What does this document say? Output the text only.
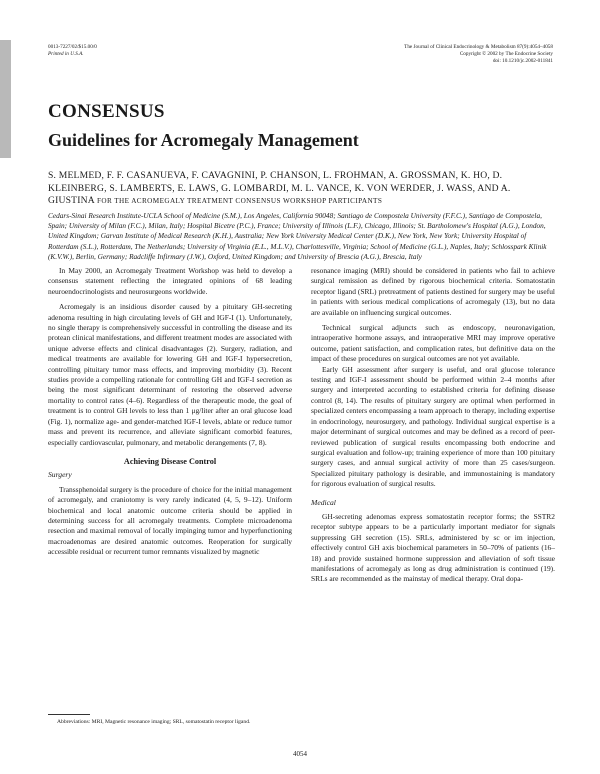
0013-7227/02/$15.00/0
Printed in U.S.A.
The Journal of Clinical Endocrinology & Metabolism 87(9):4054–4058
Copyright © 2002 by The Endocrine Society
doi: 10.1210/jc.2002-011841
CONSENSUS
Guidelines for Acromegaly Management
S. MELMED, F. F. CASANUEVA, F. CAVAGNINI, P. CHANSON, L. FROHMAN, A. GROSSMAN, K. HO, D. KLEINBERG, S. LAMBERTS, E. LAWS, G. LOMBARDI, M. L. VANCE, K. VON WERDER, J. WASS, AND A. GIUSTINA FOR THE ACROMEGALY TREATMENT CONSENSUS WORKSHOP PARTICIPANTS
Cedars-Sinai Research Institute-UCLA School of Medicine (S.M.), Los Angeles, California 90048; Santiago de Compostela University (F.F.C.), Santiago de Compostela, Spain; University of Milan (F.C.), Milan, Italy; Hospital Bicetre (P.C.), France; University of Illinois (L.F.), Chicago, Illinois; St. Bartholomew's Hospital (A.G.), London, United Kingdom; Garvan Institute of Medical Research (K.H.), Australia; New York University Medical Center (D.K.), New York, New York; University Hospital of Rotterdam (S.L.), Rotterdam, The Netherlands; University of Virginia (E.L., M.L.V.), Charlottesville, Virginia; School of Medicine (G.L.), Naples, Italy; Schlosspark Klinik (K.V.W.), Berlin, Germany; Radcliffe Infirmary (J.W.), Oxford, United Kingdom; and University of Brescia (A.G.), Brescia, Italy

In May 2000, an Acromegaly Treatment Workshop was held to develop a consensus statement reflecting the integrated opinions of 68 leading neuroendocrinologists and neurosurgeons worldwide.

Acromegaly is an insidious disorder caused by a pituitary GH-secreting adenoma resulting in high circulating levels of GH and IGF-I (1). Unfortunately, no single therapy is comprehensively successful in controlling the disease and its protean clinical manifestations, and different treatment modes are associated with unique adverse effects and clinical disadvantages (2). Surgery, radiation, and medical treatments are available for lowering GH and IGF-I hypersecretion, controlling pituitary tumor mass effects, and improving morbidity (3). Recent studies provide a compelling rationale for controlling GH and IGF-I secretion as being the most significant determinant of restoring the observed adverse mortality to control rates (4–6). Regardless of the therapeutic mode, the goal of treatment is to control GH levels to less than 1 μg/liter after an oral glucose load (Fig. 1), normalize age- and gender-matched IGF-I levels, ablate or reduce tumor mass and prevent its recurrence, and alleviate significant comorbid features, especially cardiovascular, pulmonary, and metabolic derangements (7, 8).

Achieving Disease Control
Surgery

Transsphenoidal surgery is the procedure of choice for the initial management of acromegaly, and craniotomy is very rarely indicated (4, 5, 9–12). Uniform biochemical and local anatomic outcome criteria should be applied in determining success for all acromegaly treatments. Complete microadenoma resection and maximal removal of locally impinging tumor and hyperfunctioning macroadenomas are desired anatomic outcomes. Reoperation for surgically accessible residual or recurrent tumor remnants visualized by magnetic

resonance imaging (MRI) should be considered in patients who fail to achieve surgical remission as defined by rigorous biochemical criteria. Somatostatin receptor ligand (SRL) pretreatment of patients destined for surgery may be useful in patients with serious medical complications of acromegaly (13), but no data are available on influencing surgical outcomes.

Technical surgical adjuncts such as endoscopy, neuronavigation, intraoperative hormone assays, and intraoperative MRI may improve operative outcome, patient satisfaction, and complication rates, but definitive data on the impact of these procedures on surgical outcomes are not yet available.

Early GH assessment after surgery is useful, and oral glucose tolerance testing and IGF-I assessment should be performed within 2–4 months after surgery and interpreted according to established criteria for defining disease control (8, 14). The results of pituitary surgery are optimal when performed in specialized centers encompassing a team approach to therapy, including expertise in endocrinology, neurosurgery, and pathology. Individual surgical expertise is a major determinant of surgical outcomes and may be defined as a record of peer-reviewed publication of surgical results encompassing both endocrine and surgical evaluation and follow-up; training experience of more than 100 pituitary surgery cases, and annual surgical activity of more than 25 cases/surgeon. Specialized pituitary pathology is desirable, and immunostaining is mandatory for rigorous evaluation of surgical results.

Medical

GH-secreting adenomas express somatostatin receptor forms; the SSTR2 receptor subtype appears to be a particularly important mediator for signals suppressing GH secretion (15). SRLs, administered by sc or im injection, effectively control GH axis biochemical parameters in 50–70% of patients (16–18) and provide sustained hormone suppression and alleviation of soft tissue manifestations of acromegaly as long as drug administration is continued (19). SRLs are recommended as the mainstay of medical therapy. Oral dopa-

Abbreviations: MRI, Magnetic resonance imaging; SRL, somatostatin receptor ligand.
4054
